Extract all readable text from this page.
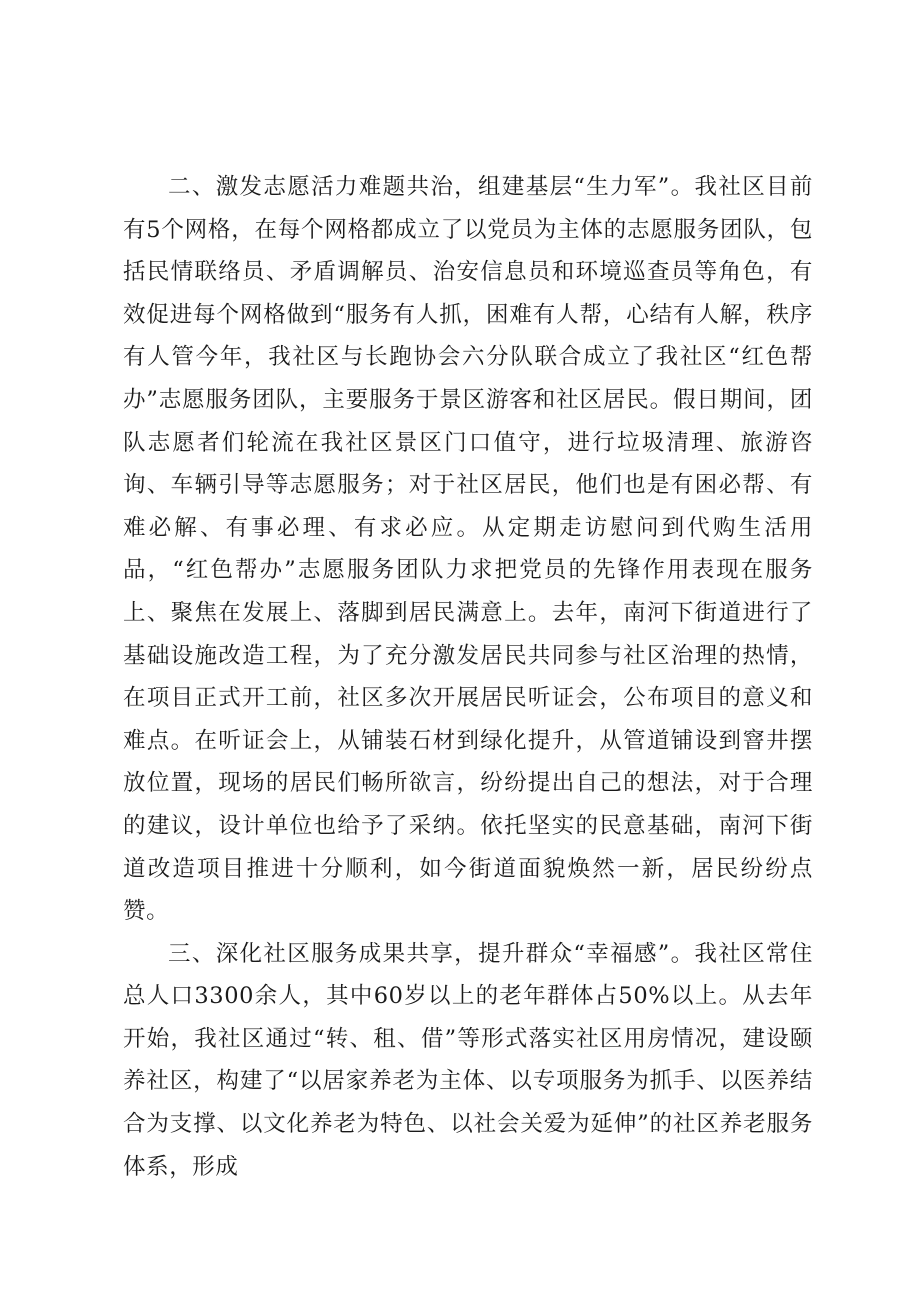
二、激发志愿活力难题共治，组建基层“生力军”。我社区目前有5个网格，在每个网格都成立了以党员为主体的志愿服务团队，包括民情联络员、矛盾调解员、治安信息员和环境巡查员等角色，有效促进每个网格做到“服务有人抓，困难有人帮，心结有人解，秩序有人管今年，我社区与长跑协会六分队联合成立了我社区“红色帮办”志愿服务团队，主要服务于景区游客和社区居民。假日期间，团队志愿者们轮流在我社区景区门口值守，进行垃圾清理、旅游咨询、车辆引导等志愿服务；对于社区居民，他们也是有困必帮、有难必解、有事必理、有求必应。从定期走访慰问到代购生活用品，“红色帮办”志愿服务团队力求把党员的先锋作用表现在服务上、聚焦在发展上、落脚到居民满意上。去年，南河下街道进行了基础设施改造工程，为了充分激发居民共同参与社区治理的热情，在项目正式开工前，社区多次开展居民听证会，公布项目的意义和难点。在听证会上，从铺装石材到绿化提升，从管道铺设到窨井摆放位置，现场的居民们畅所欲言，纷纷提出自己的想法，对于合理的建议，设计单位也给予了采纳。依托坚实的民意基础，南河下街道改造项目推进十分顺利，如今街道面貌焕然一新，居民纷纷点赞。

三、深化社区服务成果共享，提升群众“幸福感”。我社区常住总人口3300余人，其中60岁以上的老年群体占50%以上。从去年开始，我社区通过“转、租、借”等形式落实社区用房情况，建设颐养社区，构建了“以居家养老为主体、以专项服务为抓手、以医养结合为支撑、以文化养老为特色、以社会关爱为延伸”的社区养老服务体系，形成
